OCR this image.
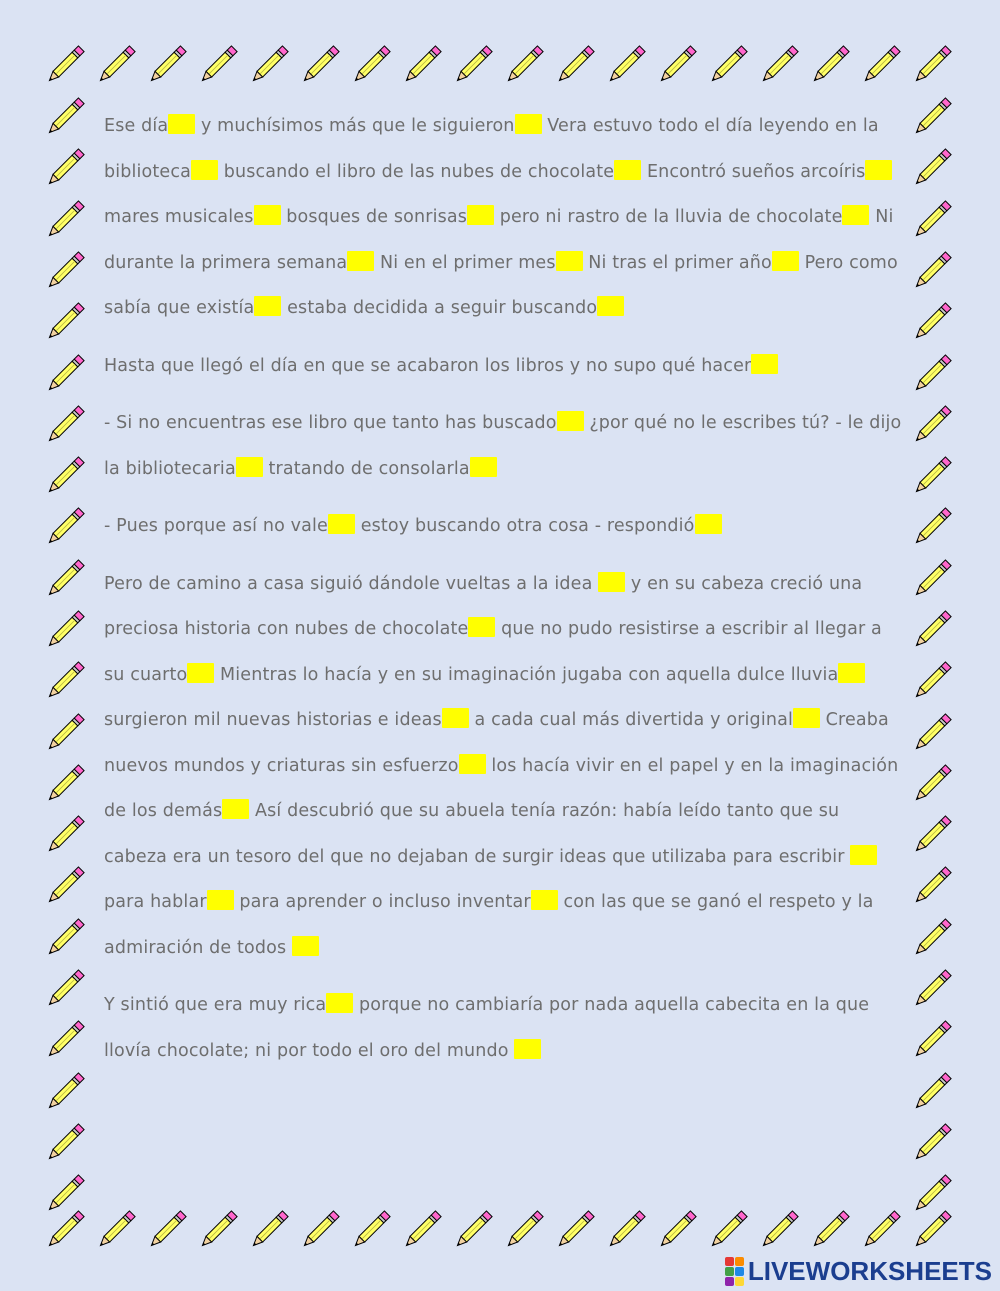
Ese día y muchísimos más que le siguieron Vera estuvo todo el día leyendo en la biblioteca buscando el libro de las nubes de chocolate Encontró sueños arcoíris mares musicales bosques de sonrisas pero ni rastro de la lluvia de chocolate Ni durante la primera semana Ni en el primer mes Ni tras el primer año Pero como sabía que existía estaba decidida a seguir buscando

Hasta que llegó el día en que se acabaron los libros y no supo qué hacer

- Si no encuentras ese libro que tanto has buscado ¿por qué no le escribes tú? - le dijo la bibliotecaria tratando de consolarla

- Pues porque así no vale estoy buscando otra cosa - respondió

Pero de camino a casa siguió dándole vueltas a la idea  y en su cabeza creció una preciosa historia con nubes de chocolate que no pudo resistirse a escribir al llegar a su cuarto Mientras lo hacía y en su imaginación jugaba con aquella dulce lluvia surgieron mil nuevas historias e ideas a cada cual más divertida y original Creaba nuevos mundos y criaturas sin esfuerzo los hacía vivir en el papel y en la imaginación de los demás Así descubrió que su abuela tenía razón: había leído tanto que su cabeza era un tesoro del que no dejaban de surgir ideas que utilizaba para escribir  para hablar para aprender o incluso inventar con las que se ganó el respeto y la admiración de todos

Y sintió que era muy rica porque no cambiaría por nada aquella cabecita en la que llovía chocolate; ni por todo el oro del mundo

LIVEWORKSHEETS
